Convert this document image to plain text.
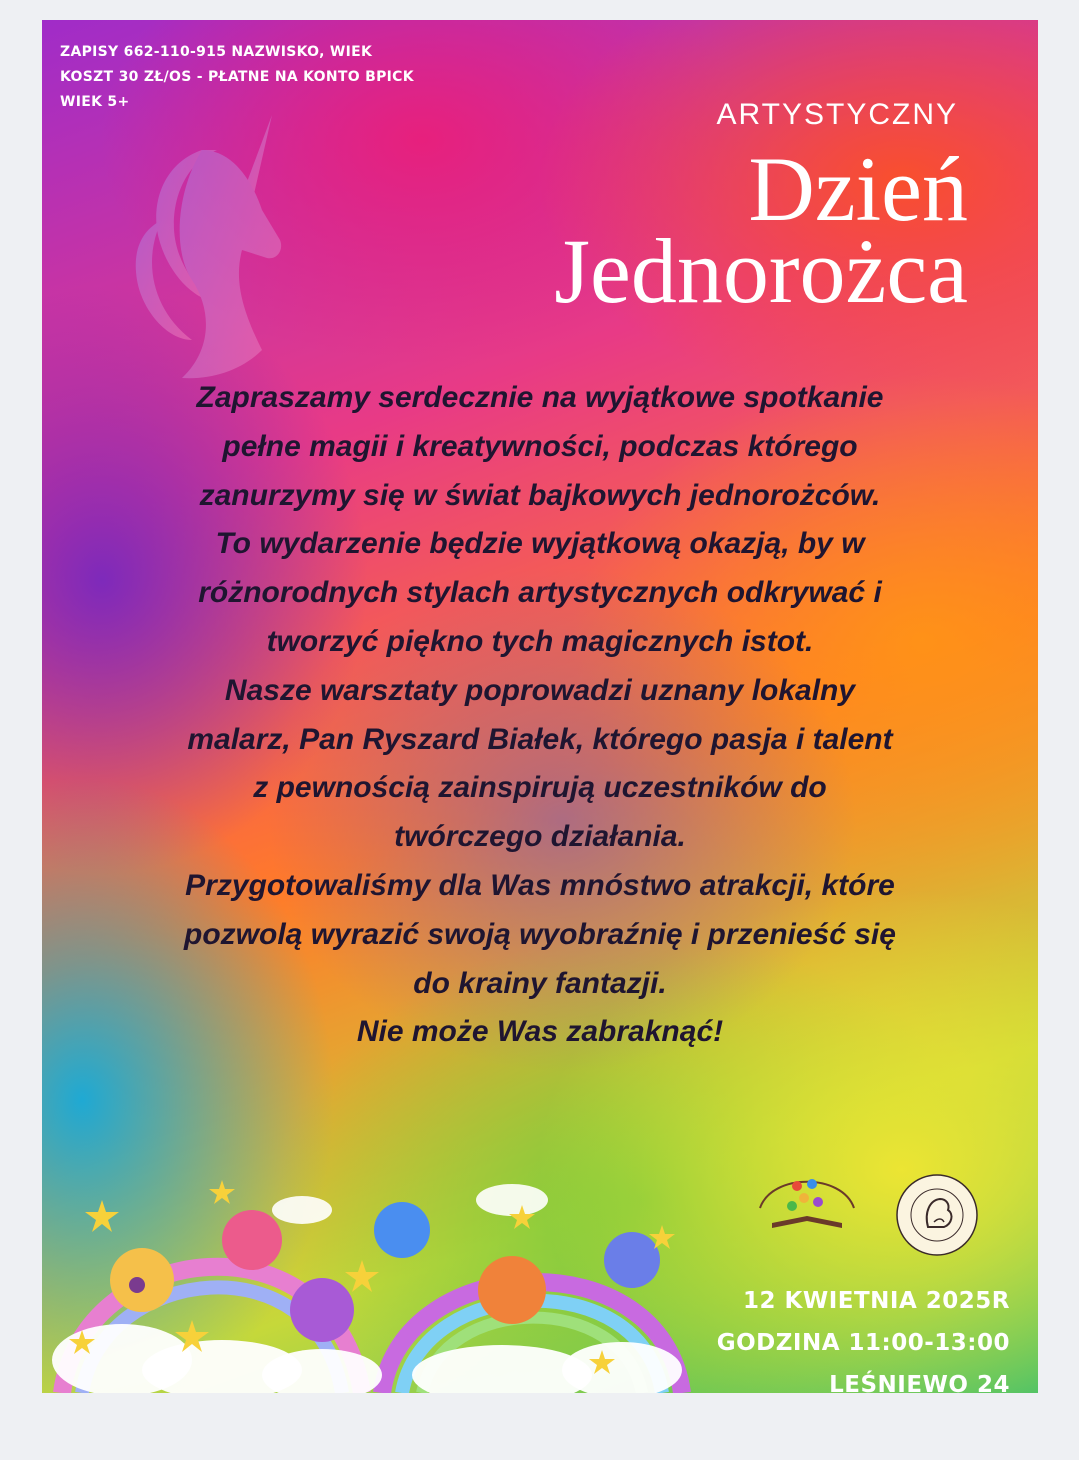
ZAPISY 662-110-915 NAZWISKO, WIEK
KOSZT 30 ZŁ/OS - PŁATNE NA KONTO BPICK
WIEK 5+	ARTYSTYCZNY
Dzień
Jednorożca
Zapraszamy serdecznie na wyjątkowe spotkanie
pełne magii i kreatywności, podczas którego
zanurzymy się w świat bajkowych jednorożców.
To wydarzenie będzie wyjątkową okazją, by w
różnorodnych stylach artystycznych odkrywać i
tworzyć piękno tych magicznych istot.
Nasze warsztaty poprowadzi uznany lokalny
malarz, Pan Ryszard Białek, którego pasja i talent
z pewnością zainspirują uczestników do
twórczego działania.
Przygotowaliśmy dla Was mnóstwo atrakcji, które
pozwolą wyrazić swoją wyobraźnię i przenieść się
do krainy fantazji.
Nie może Was zabraknąć!
12 KWIETNIA 2025R
GODZINA 11:00-13:00
LEŚNIEWO 24
